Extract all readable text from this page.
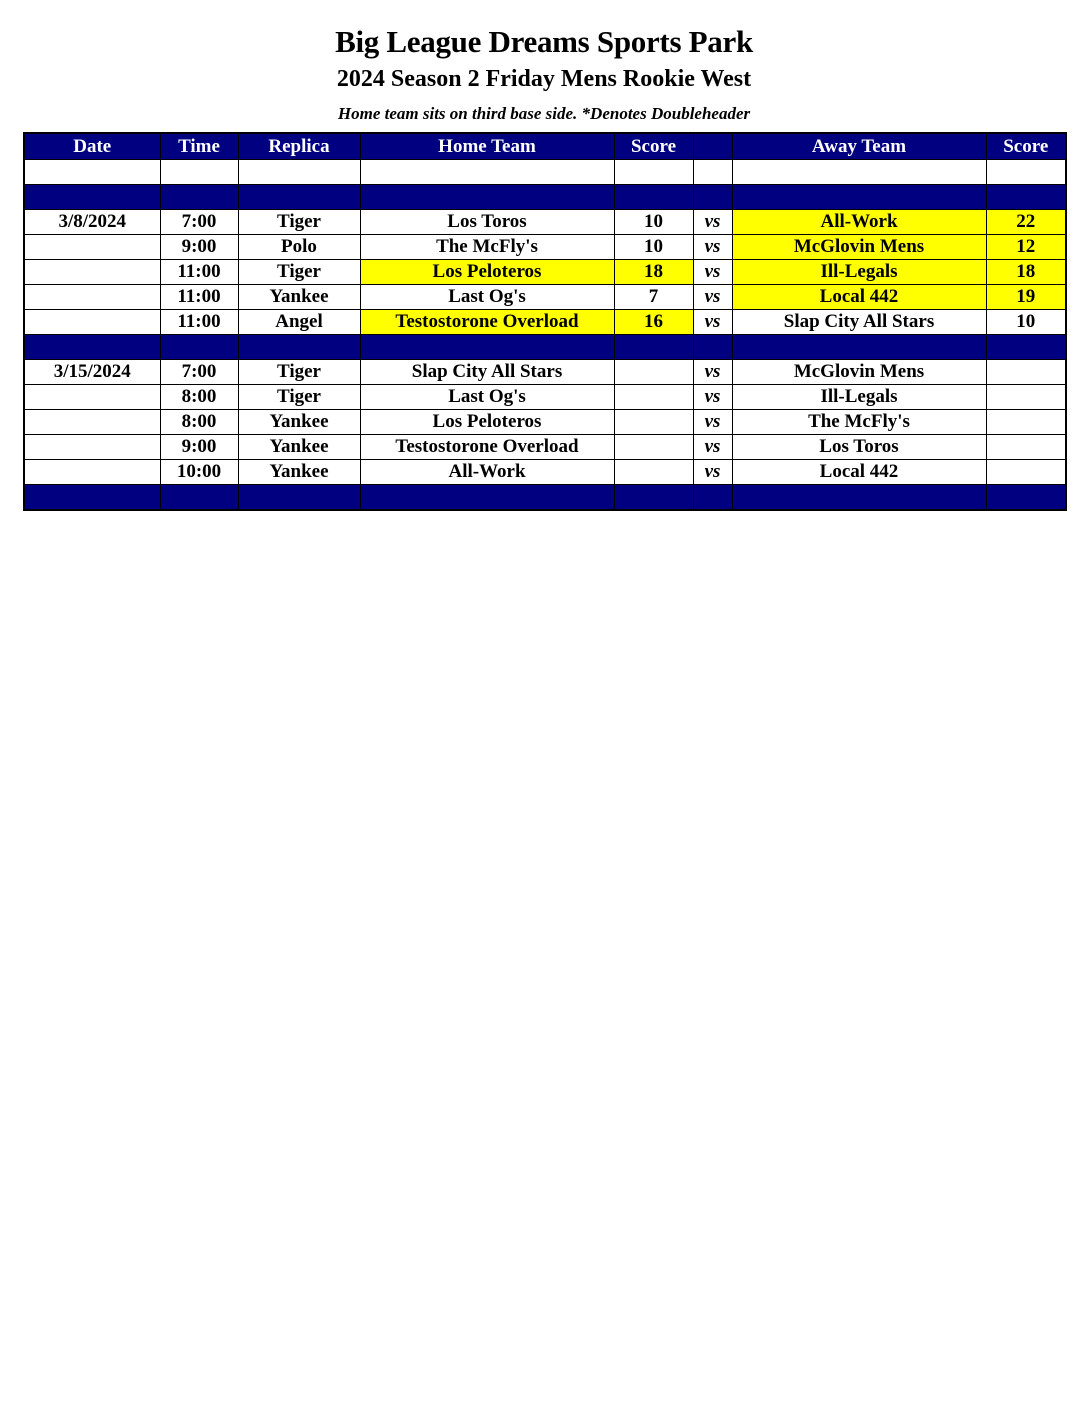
Big League Dreams Sports Park
2024 Season 2 Friday Mens Rookie West
Home team sits on third base side. *Denotes Doubleheader
Date	Time	Replica	Home Team	Score		Away Team	Score

3/8/2024	7:00	Tiger	Los Toros	10	vs	All-Work	22
	9:00	Polo	The McFly's	10	vs	McGlovin Mens	12
	11:00	Tiger	Los Peloteros	18	vs	Ill-Legals	18
	11:00	Yankee	Last Og's	7	vs	Local 442	19
	11:00	Angel	Testostorone Overload	16	vs	Slap City All Stars	10

3/15/2024	7:00	Tiger	Slap City All Stars		vs	McGlovin Mens	
	8:00	Tiger	Last Og's		vs	Ill-Legals	
	8:00	Yankee	Los Peloteros		vs	The McFly's	
	9:00	Yankee	Testostorone Overload		vs	Los Toros	
	10:00	Yankee	All-Work		vs	Local 442	
